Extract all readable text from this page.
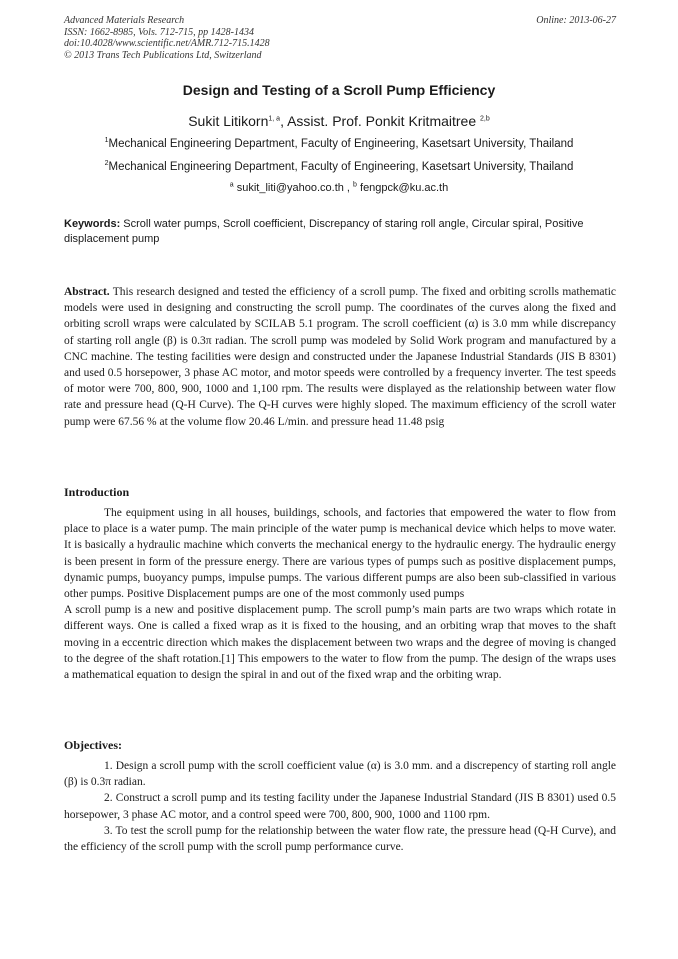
Advanced Materials Research
ISSN: 1662-8985, Vols. 712-715, pp 1428-1434
doi:10.4028/www.scientific.net/AMR.712-715.1428
© 2013 Trans Tech Publications Ltd, Switzerland
Online: 2013-06-27
Design and Testing of a Scroll Pump Efficiency
Sukit Litikorn$^{1, a}$, Assist. Prof. Ponkit Kritmaitree $^{2,b}$
$^1$Mechanical Engineering Department, Faculty of Engineering, Kasetsart University, Thailand
$^2$Mechanical Engineering Department, Faculty of Engineering, Kasetsart University, Thailand
$^a$ sukit_liti@yahoo.co.th , $^b$ fengpck@ku.ac.th
Keywords: Scroll water pumps, Scroll coefficient, Discrepancy of staring roll angle, Circular spiral, Positive displacement pump
Abstract. This research designed and tested the efficiency of a scroll pump. The fixed and orbiting scrolls mathematic models were used in designing and constructing the scroll pump. The coordinates of the curves along the fixed and orbiting scroll wraps were calculated by SCILAB 5.1 program. The scroll coefficient (α) is 3.0 mm while discrepancy of starting roll angle (β) is 0.3π radian. The scroll pump was modeled by Solid Work program and manufactured by a CNC machine. The testing facilities were design and constructed under the Japanese Industrial Standards (JIS B 8301) and used 0.5 horsepower, 3 phase AC motor, and motor speeds were controlled by a frequency inverter. The test speeds of motor were 700, 800, 900, 1000 and 1,100 rpm. The results were displayed as the relationship between water flow rate and pressure head (Q-H Curve). The Q-H curves were highly sloped. The maximum efficiency of the scroll water pump were 67.56 % at the volume flow 20.46 L/min. and pressure head 11.48 psig
Introduction

The equipment using in all houses, buildings, schools, and factories that empowered the water to flow from place to place is a water pump. The main principle of the water pump is mechanical device which helps to move water. It is basically a hydraulic machine which converts the mechanical energy to the hydraulic energy. The hydraulic energy is been present in form of the pressure energy. There are various types of pumps such as positive displacement pumps, dynamic pumps, buoyancy pumps, impulse pumps. The various different pumps are also been sub-classified in various other pumps. Positive Displacement pumps are one of the most commonly used pumps

A scroll pump is a new and positive displacement pump. The scroll pump’s main parts are two wraps which rotate in different ways. One is called a fixed wrap as it is fixed to the housing, and an orbiting wrap that moves to the shaft moving in a eccentric direction which makes the displacement between two wraps and the degree of moving is changed to the degree of the shaft rotation.[1] This empowers to the water to flow from the pump. The design of the wraps uses a mathematical equation to design the spiral in and out of the fixed wrap and the orbiting wrap.

Objectives:

1. Design a scroll pump with the scroll coefficient value (α) is 3.0 mm. and a discrepency of starting roll angle (β) is 0.3π radian.

2. Construct a scroll pump and its testing facility under the Japanese Industrial Standard (JIS B 8301) used 0.5 horsepower, 3 phase AC motor, and a control speed were 700, 800, 900, 1000 and 1100 rpm.

3. To test the scroll pump for the relationship between the water flow rate, the pressure head (Q-H Curve), and the efficiency of the scroll pump with the scroll pump performance curve.
